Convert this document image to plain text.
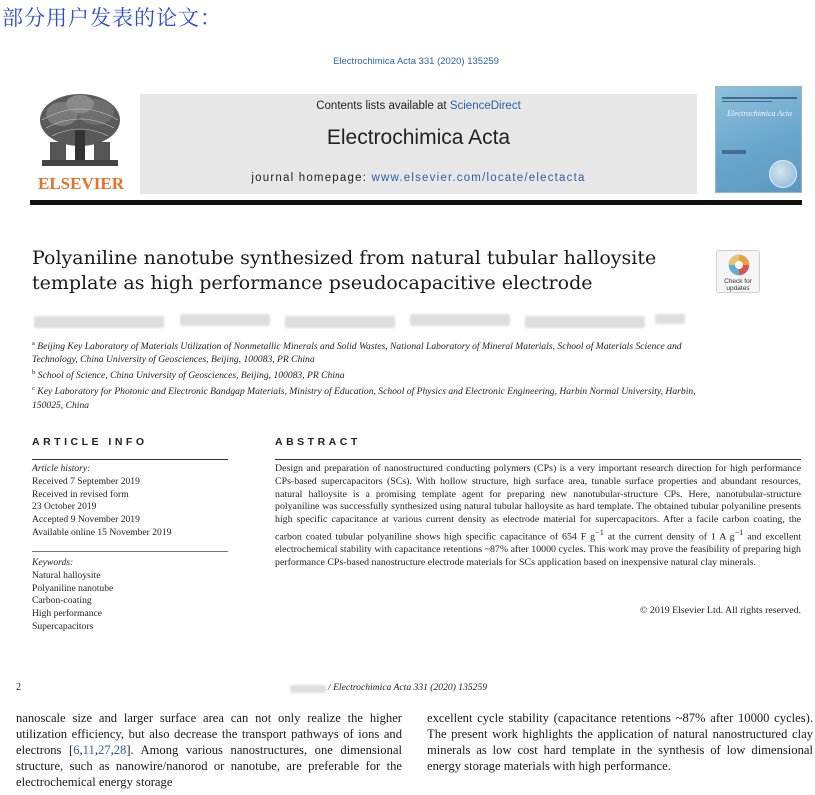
部分用户发表的论文：
Electrochimica Acta 331 (2020) 135259
ELSEVIER
Contents lists available at ScienceDirect
Electrochimica Acta
journal homepage: www.elsevier.com/locate/electacta
Electrochimica Acta
Polyaniline nanotube synthesized from natural tubular halloysite
template as high performance pseudocapacitive electrode	Check for
updates
$^a$ Beijing Key Laboratory of Materials Utilization of Nonmetallic Minerals and Solid Wastes, National Laboratory of Mineral Materials, School of Materials Science and Technology, China University of Geosciences, Beijing, 100083, PR China
$^b$ School of Science, China University of Geosciences, Beijing, 100083, PR China
$^c$ Key Laboratory for Photonic and Electronic Bandgap Materials, Ministry of Education, School of Physics and Electronic Engineering, Harbin Normal University, Harbin, 150025, China
ARTICLE INFO	ABSTRACT
Article history:
Received 7 September 2019
Received in revised form
23 October 2019
Accepted 9 November 2019
Available online 15 November 2019
Keywords:
Natural halloysite
Polyaniline nanotube
Carbon-coating
High performance
Supercapacitors
Design and preparation of nanostructured conducting polymers (CPs) is a very important research direction for high performance CPs-based supercapacitors (SCs). With hollow structure, high surface area, tunable surface properties and abundant resources, natural halloysite is a promising template agent for preparing new nanotubular-structure CPs. Here, nanotubular-structure polyaniline was successfully synthesized using natural tubular halloysite as hard template. The obtained tubular polyaniline presents high specific capacitance at various current density as electrode material for supercapacitors. After a facile carbon coating, the carbon coated tubular polyaniline shows high specific capacitance of 654 F $g^{-1}$ at the current density of 1 A $g^{-1}$ and excellent electrochemical stability with capacitance retentions ~87% after 10000 cycles. This work may prove the feasibility of preparing high performance CPs-based nanostructure electrode materials for SCs application based on inexpensive natural clay minerals.
© 2019 Elsevier Ltd. All rights reserved.
2	/ Electrochimica Acta 331 (2020) 135259
nanoscale size and larger surface area can not only realize the higher utilization efficiency, but also decrease the transport pathways of ions and electrons [6,11,27,28]. Among various nanostructures, one dimensional structure, such as nanowire/nanorod or nanotube, are preferable for the electrochemical energy storage
excellent cycle stability (capacitance retentions ~87% after 10000 cycles). The present work highlights the application of natural nanostructured clay minerals as low cost hard template in the synthesis of low dimensional energy storage materials with high performance.
